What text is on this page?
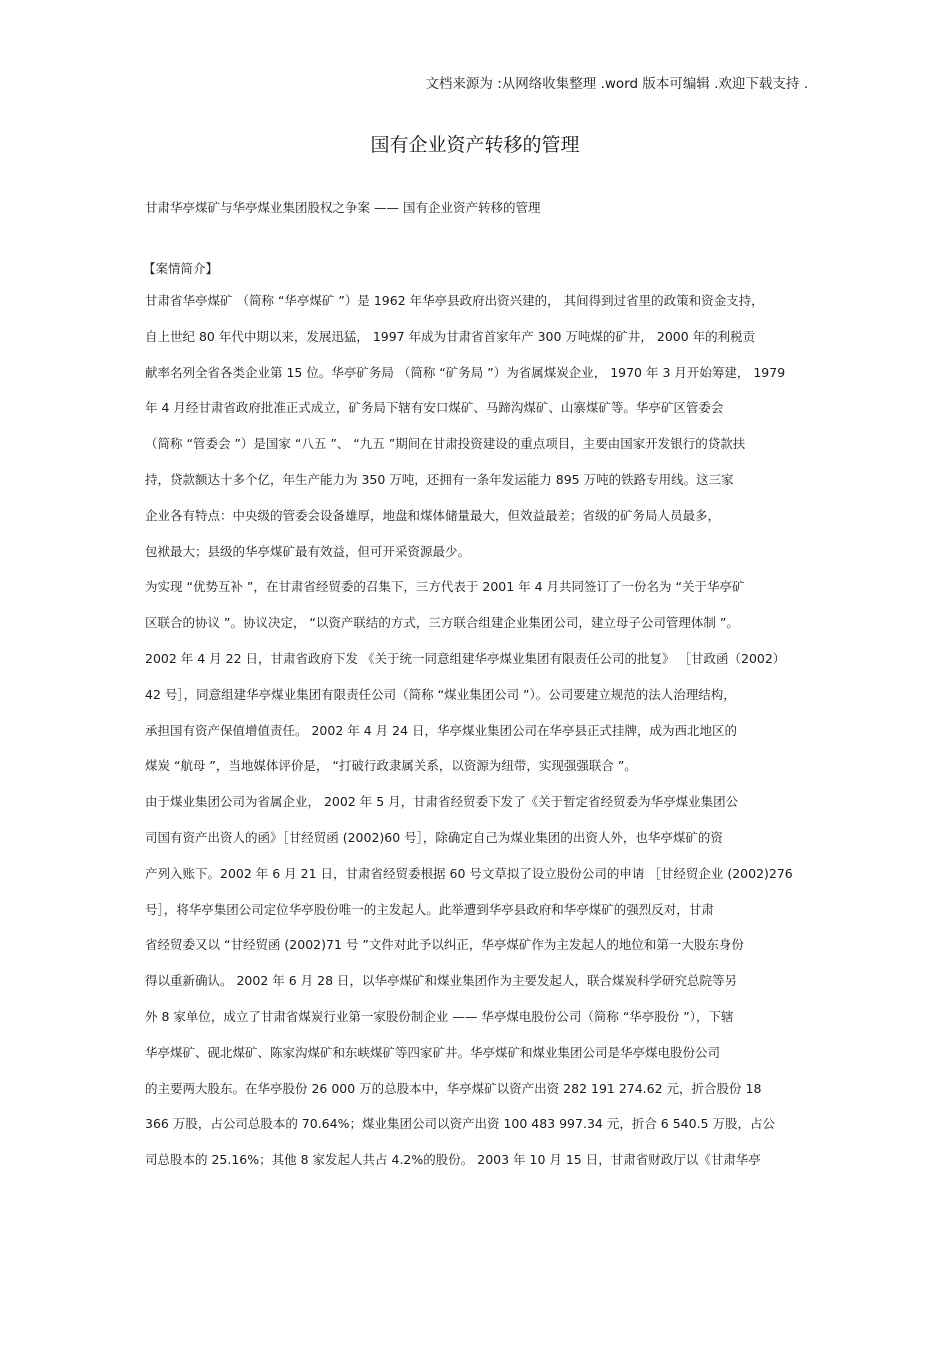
文档来源为 :从网络收集整理 .word 版本可编辑 .欢迎下载支持 .
国有企业资产转移的管理
甘肃华亭煤矿与华亭煤业集团股权之争案 —— 国有企业资产转移的管理
【案情简介】
甘肃省华亭煤矿 （简称 “华亭煤矿 ”）是 1962 年华亭县政府出资兴建的， 其间得到过省里的政策和资金支持，
自上世纪 80 年代中期以来，发展迅猛， 1997 年成为甘肃省首家年产 300 万吨煤的矿井， 2000 年的利税贡
献率名列全省各类企业第 15 位。华亭矿务局 （简称 “矿务局 ”）为省属煤炭企业， 1970 年 3 月开始筹建， 1979
年 4 月经甘肃省政府批准正式成立，矿务局下辖有安口煤矿、马蹄沟煤矿、山寨煤矿等。华亭矿区管委会
（简称 “管委会 ”）是国家 “八五 ”、 “九五 ”期间在甘肃投资建设的重点项目，主要由国家开发银行的贷款扶
持，贷款额达十多个亿，年生产能力为 350 万吨，还拥有一条年发运能力 895 万吨的铁路专用线。这三家
企业各有特点：中央级的管委会设备雄厚，地盘和煤体储量最大，但效益最差；省级的矿务局人员最多，
包袱最大；县级的华亭煤矿最有效益，但可开采资源最少。
为实现 “优势互补 ”，在甘肃省经贸委的召集下，三方代表于 2001 年 4 月共同签订了一份名为 “关于华亭矿
区联合的协议 ”。协议决定， “以资产联结的方式，三方联合组建企业集团公司，建立母子公司管理体制 ”。
2002 年 4 月 22 日，甘肃省政府下发 《关于统一同意组建华亭煤业集团有限责任公司的批复》 ［甘政函（2002）
42 号］，同意组建华亭煤业集团有限责任公司（简称 “煤业集团公司 ”）。公司要建立规范的法人治理结构，
承担国有资产保值增值责任。 2002 年 4 月 24 日，华亭煤业集团公司在华亭县正式挂牌，成为西北地区的
煤炭 “航母 ”，当地媒体评价是， “打破行政隶属关系，以资源为纽带，实现强强联合 ”。
由于煤业集团公司为省属企业， 2002 年 5 月，甘肃省经贸委下发了《关于暂定省经贸委为华亭煤业集团公
司国有资产出资人的函》［甘经贸函 (2002)60 号］，除确定自己为煤业集团的出资人外，也华亭煤矿的资
产列入账下。2002 年 6 月 21 日，甘肃省经贸委根据 60 号文草拟了设立股份公司的申请 ［甘经贸企业 (2002)276
号］，将华亭集团公司定位华亭股份唯一的主发起人。此举遭到华亭县政府和华亭煤矿的强烈反对，甘肃
省经贸委又以 “甘经贸函 (2002)71 号 ”文件对此予以纠正，华亭煤矿作为主发起人的地位和第一大股东身份
得以重新确认。 2002 年 6 月 28 日，以华亭煤矿和煤业集团作为主要发起人，联合煤炭科学研究总院等另
外 8 家单位，成立了甘肃省煤炭行业第一家股份制企业 —— 华亭煤电股份公司（简称 “华亭股份 ”），下辖
华亭煤矿、砚北煤矿、陈家沟煤矿和东峡煤矿等四家矿井。华亭煤矿和煤业集团公司是华亭煤电股份公司
的主要两大股东。在华亭股份 26 000 万的总股本中，华亭煤矿以资产出资 282 191 274.62 元，折合股份 18
366 万股，占公司总股本的 70.64%；煤业集团公司以资产出资 100 483 997.34 元，折合 6 540.5 万股，占公
司总股本的 25.16%；其他 8 家发起人共占 4.2%的股份。 2003 年 10 月 15 日，甘肃省财政厅以《甘肃华亭
